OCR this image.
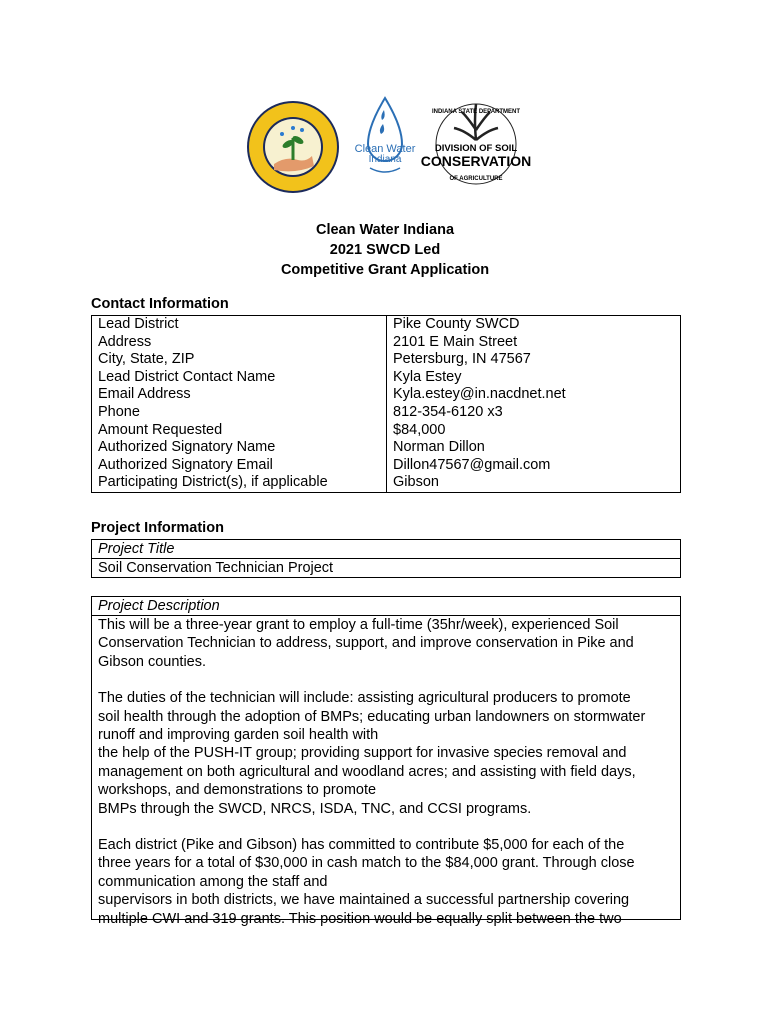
Clean Water
Indiana
INDIANA STATE DEPARTMENT
DIVISION OF SOIL
CONSERVATION
OF AGRICULTURE
Clean Water Indiana
2021 SWCD Led
Competitive Grant Application
Contact Information
Lead District	Pike County SWCD
Address	2101 E Main Street
City, State, ZIP	Petersburg, IN 47567
Lead District Contact Name	Kyla Estey
Email Address	Kyla.estey@in.nacdnet.net
Phone	812-354-6120 x3
Amount Requested	$84,000
Authorized Signatory Name	Norman Dillon
Authorized Signatory Email	Dillon47567@gmail.com
Participating District(s), if applicable	Gibson
Project Information
Project Title
Soil Conservation Technician Project
Project Description

This will be a three-year grant to employ a full-time (35hr/week), experienced Soil
Conservation Technician to address, support, and improve conservation in Pike and
Gibson counties.

The duties of the technician will include: assisting agricultural producers to promote
soil health through the adoption of BMPs; educating urban landowners on stormwater
runoff and improving garden soil health with
the help of the PUSH-IT group; providing support for invasive species removal and
management on both agricultural and woodland acres; and assisting with field days,
workshops, and demonstrations to promote
BMPs through the SWCD, NRCS, ISDA, TNC, and CCSI programs.

Each district (Pike and Gibson) has committed to contribute $5,000 for each of the
three years for a total of $30,000 in cash match to the $84,000 grant. Through close
communication among the staff and
supervisors in both districts, we have maintained a successful partnership covering
multiple CWI and 319 grants. This position would be equally split between the two
